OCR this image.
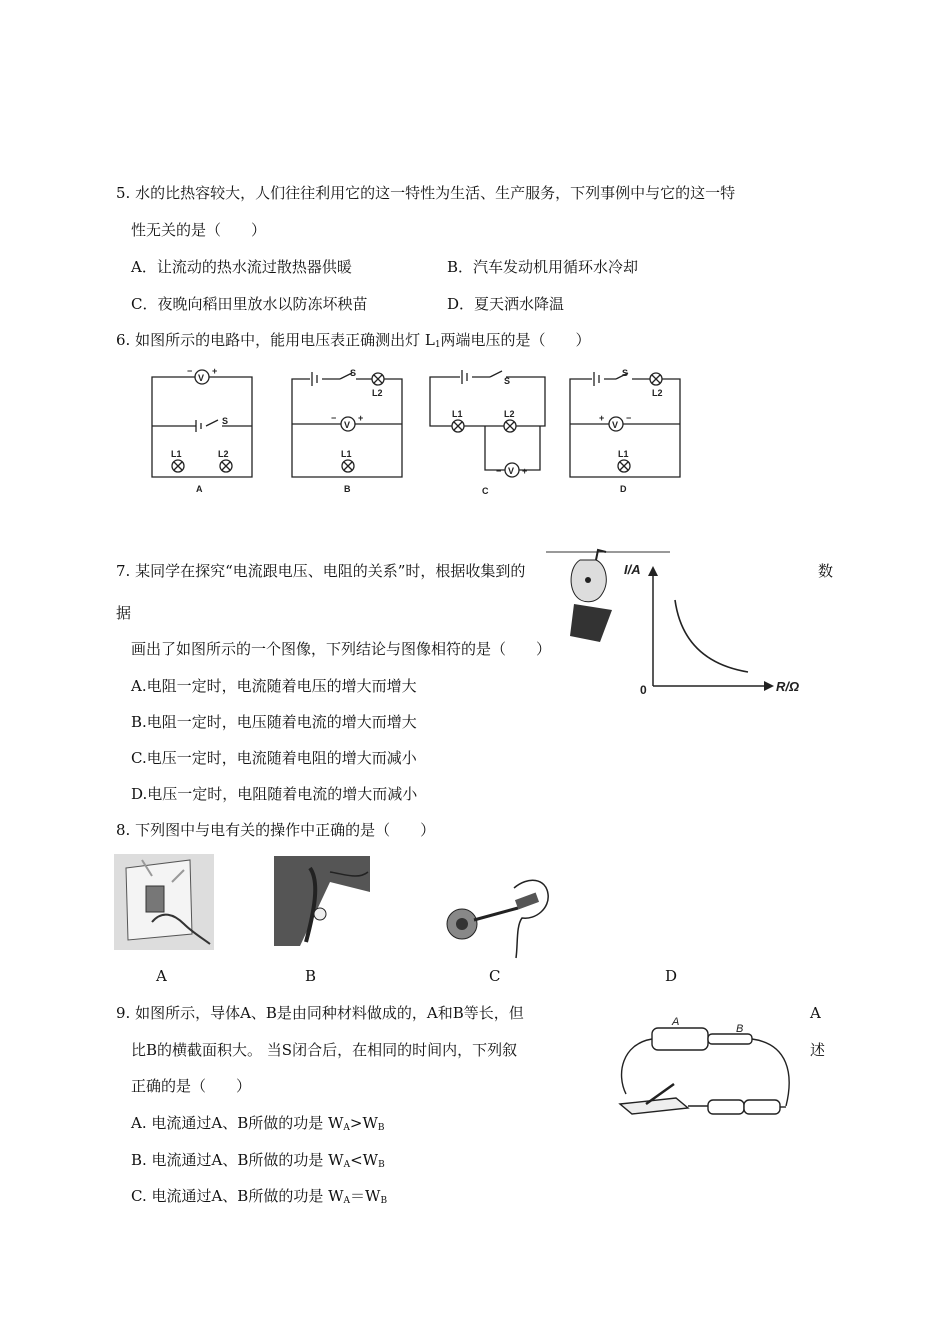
5. 水的比热容较大，人们往往利用它的这一特性为生活、生产服务，下列事例中与它的这一特
性无关的是（　　）
A．让流动的热水流过散热器供暖	B．汽车发动机用循环水冷却
C．夜晚向稻田里放水以防冻坏秧苗	D．夏天洒水降温
6. 如图所示的电路中，能用电压表正确测出灯 $L_1$两端电压的是（　　）
V
− +
S
L1	L2
A
S
L2
V
− +
L1
B
S
L1	L2
V
− +
C
S
L2
V
+ −
L1
D
7. 某同学在探究“电流跟电压、电阻的关系”时，根据收集到的	数
据
画出了如图所示的一个图像，下列结论与图像相符的是（　　）
A.电阻一定时，电流随着电压的增大而增大
B.电阻一定时，电压随着电流的增大而增大
C.电压一定时，电流随着电阻的增大而减小
D.电压一定时，电阻随着电流的增大而减小
I/A
R/Ω
0
8. 下列图中与电有关的操作中正确的是（　　）
A	B	C	D
9. 如图所示，导体A、B是由同种材料做成的，A和B等长，但	A
比B的横截面积大。 当S闭合后，在相同的时间内，下列叙	述
正确的是（　　）
A. 电流通过A、B所做的功是 $W_A>W_B$
B. 电流通过A、B所做的功是 $W_A<W_B$
C. 电流通过A、B所做的功是 $W_A=W_B$
A
B
